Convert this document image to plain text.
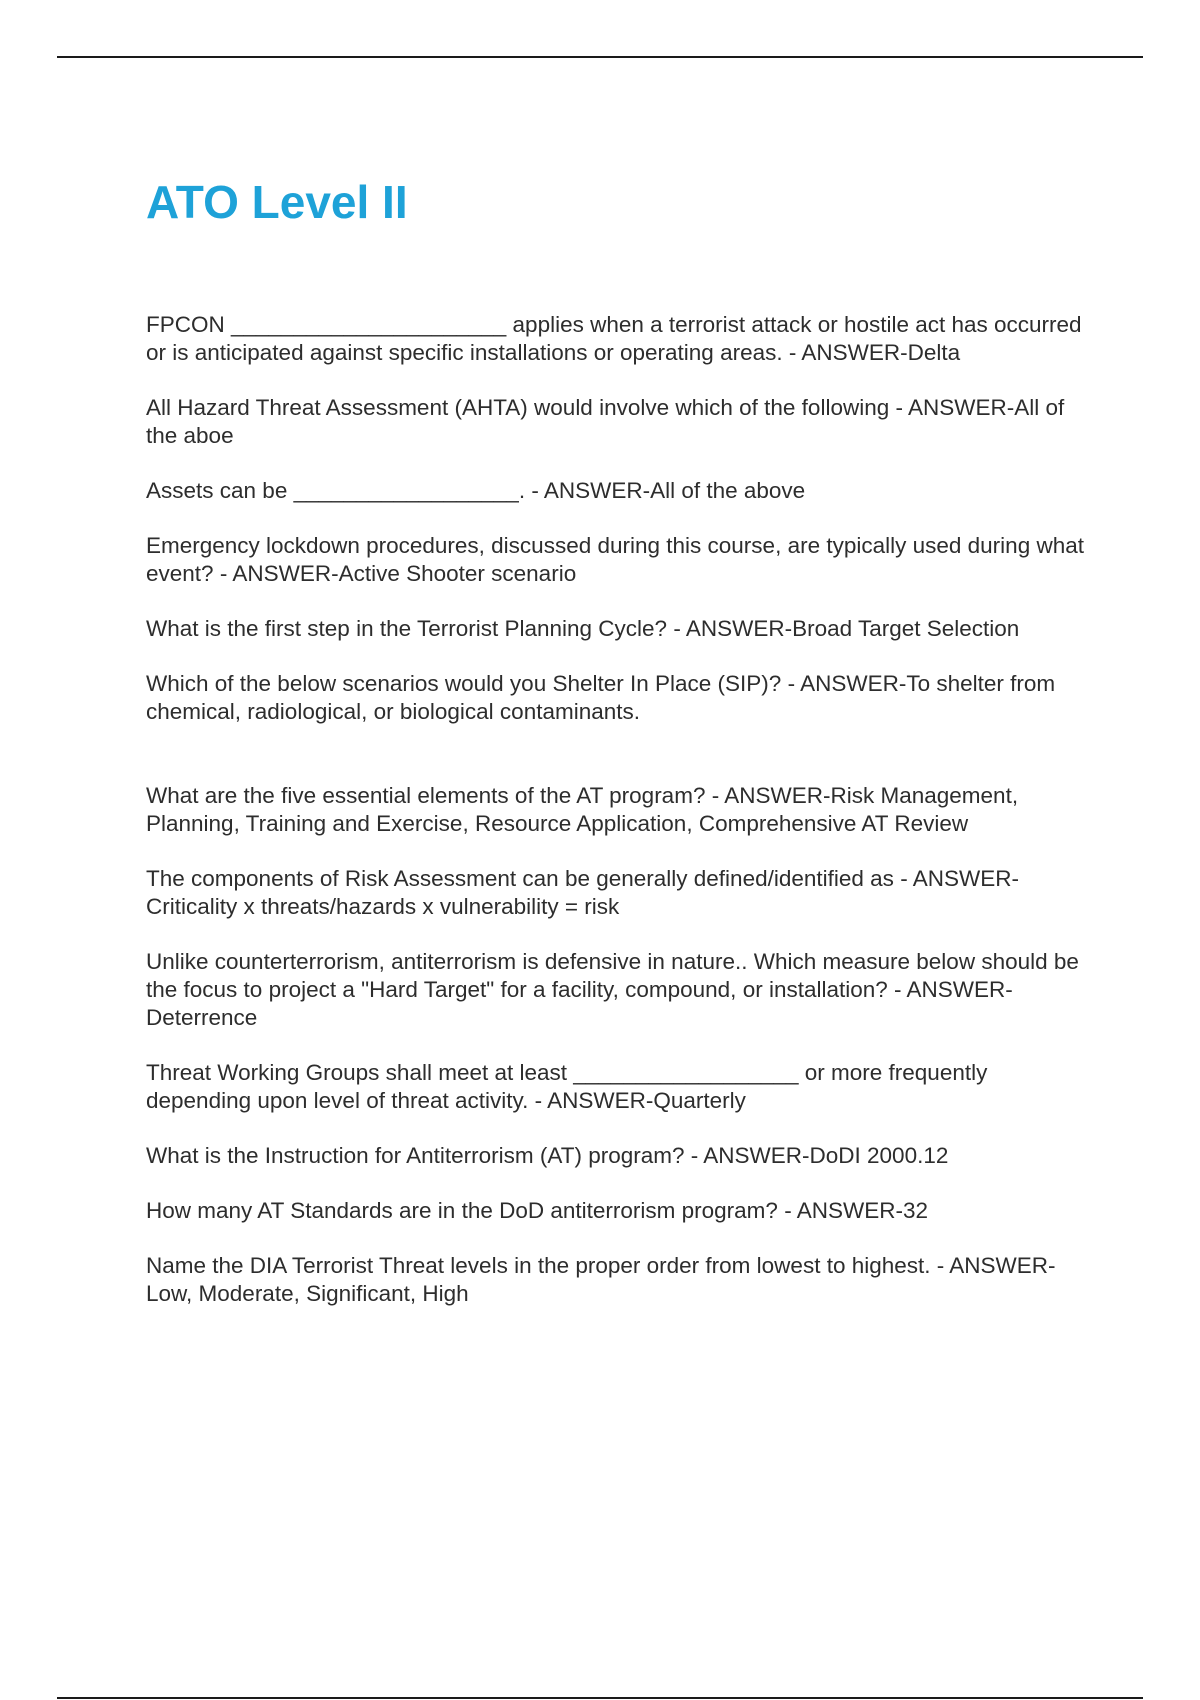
ATO Level II
FPCON ______________________ applies when a terrorist attack or hostile act has occurred or is anticipated against specific installations or operating areas. - ANSWER-Delta
All Hazard Threat Assessment (AHTA) would involve which of the following - ANSWER-All of the aboe
Assets can be __________________. - ANSWER-All of the above
Emergency lockdown procedures, discussed during this course, are typically used during what event? - ANSWER-Active Shooter scenario
What is the first step in the Terrorist Planning Cycle? - ANSWER-Broad Target Selection
Which of the below scenarios would you Shelter In Place (SIP)? - ANSWER-To shelter from chemical, radiological, or biological contaminants.
What are the five essential elements of the AT program? - ANSWER-Risk Management, Planning, Training and Exercise, Resource Application, Comprehensive AT Review
The components of Risk Assessment can be generally defined/identified as - ANSWER-Criticality x threats/hazards x vulnerability = risk
Unlike counterterrorism, antiterrorism is defensive in nature.. Which measure below should be the focus to project a "Hard Target" for a facility, compound, or installation? - ANSWER-Deterrence
Threat Working Groups shall meet at least __________________ or more frequently depending upon level of threat activity. - ANSWER-Quarterly
What is the Instruction for Antiterrorism (AT) program? - ANSWER-DoDI 2000.12
How many AT Standards are in the DoD antiterrorism program? - ANSWER-32
Name the DIA Terrorist Threat levels in the proper order from lowest to highest. - ANSWER-Low, Moderate, Significant, High
